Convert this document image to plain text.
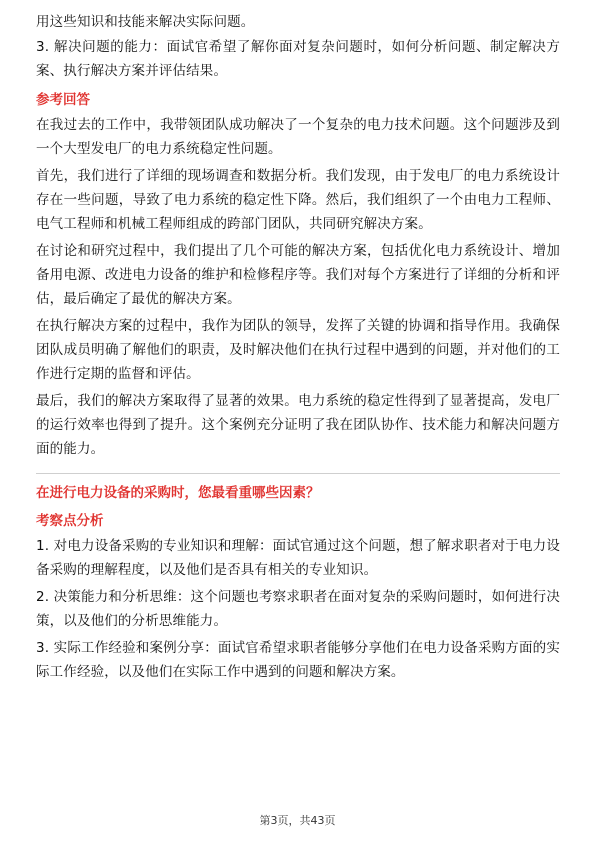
用这些知识和技能来解决实际问题。

3. 解决问题的能力：面试官希望了解你面对复杂问题时，如何分析问题、制定解决方案、执行解决方案并评估结果。

参考回答

在我过去的工作中，我带领团队成功解决了一个复杂的电力技术问题。这个问题涉及到一个大型发电厂的电力系统稳定性问题。

首先，我们进行了详细的现场调查和数据分析。我们发现，由于发电厂的电力系统设计存在一些问题，导致了电力系统的稳定性下降。然后，我们组织了一个由电力工程师、电气工程师和机械工程师组成的跨部门团队，共同研究解决方案。

在讨论和研究过程中，我们提出了几个可能的解决方案，包括优化电力系统设计、增加备用电源、改进电力设备的维护和检修程序等。我们对每个方案进行了详细的分析和评估，最后确定了最优的解决方案。

在执行解决方案的过程中，我作为团队的领导，发挥了关键的协调和指导作用。我确保团队成员明确了解他们的职责，及时解决他们在执行过程中遇到的问题，并对他们的工作进行定期的监督和评估。

最后，我们的解决方案取得了显著的效果。电力系统的稳定性得到了显著提高，发电厂的运行效率也得到了提升。这个案例充分证明了我在团队协作、技术能力和解决问题方面的能力。

在进行电力设备的采购时，您最看重哪些因素？
考察点分析

1. 对电力设备采购的专业知识和理解：面试官通过这个问题，想了解求职者对于电力设备采购的理解程度，以及他们是否具有相关的专业知识。

2. 决策能力和分析思维：这个问题也考察求职者在面对复杂的采购问题时，如何进行决策，以及他们的分析思维能力。

3. 实际工作经验和案例分享：面试官希望求职者能够分享他们在电力设备采购方面的实际工作经验，以及他们在实际工作中遇到的问题和解决方案。

第3页，共43页
